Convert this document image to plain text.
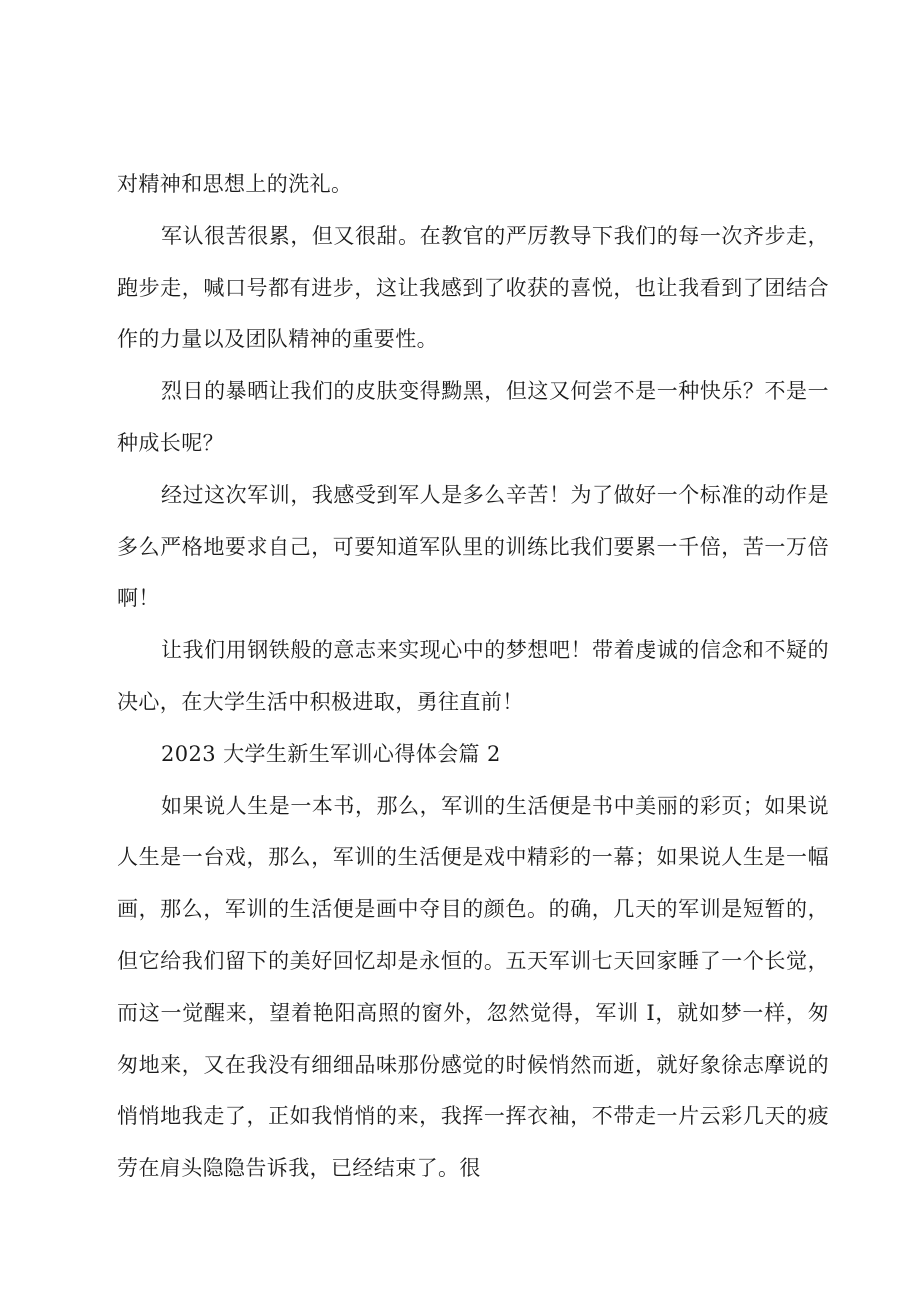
对精神和思想上的洗礼。

军认很苦很累，但又很甜。在教官的严厉教导下我们的每一次齐步走，跑步走，喊口号都有进步，这让我感到了收获的喜悦，也让我看到了团结合作的力量以及团队精神的重要性。

烈日的暴晒让我们的皮肤变得黝黑，但这又何尝不是一种快乐？不是一种成长呢？

经过这次军训，我感受到军人是多么辛苦！为了做好一个标准的动作是多么严格地要求自己，可要知道军队里的训练比我们要累一千倍，苦一万倍啊！

让我们用钢铁般的意志来实现心中的梦想吧！带着虔诚的信念和不疑的决心，在大学生活中积极进取，勇往直前！

2023 大学生新生军训心得体会篇 2

如果说人生是一本书，那么，军训的生活便是书中美丽的彩页；如果说人生是一台戏，那么，军训的生活便是戏中精彩的一幕；如果说人生是一幅画，那么，军训的生活便是画中夺目的颜色。的确，几天的军训是短暂的，但它给我们留下的美好回忆却是永恒的。五天军训七天回家睡了一个长觉，而这一觉醒来，望着艳阳高照的窗外，忽然觉得，军训 I，就如梦一样，匆匆地来，又在我没有细细品味那份感觉的时候悄然而逝，就好象徐志摩说的悄悄地我走了，正如我悄悄的来，我挥一挥衣袖，不带走一片云彩几天的疲劳在肩头隐隐告诉我，已经结束了。很
